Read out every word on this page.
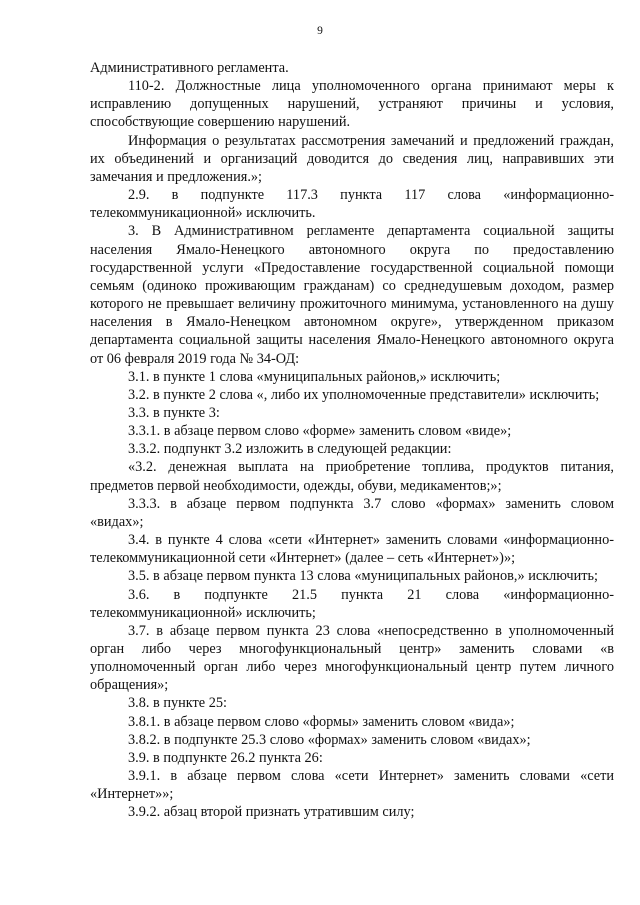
9

Административного регламента.

110-2. Должностные лица уполномоченного органа принимают меры к исправлению допущенных нарушений, устраняют причины и условия, способствующие совершению нарушений.

Информация о результатах рассмотрения замечаний и предложений граждан, их объединений и организаций доводится до сведения лиц, направивших эти замечания и предложения.»;

2.9. в подпункте 117.3 пункта 117 слова «информационно-телекоммуникационной» исключить.

3. В Административном регламенте департамента социальной защиты населения Ямало-Ненецкого автономного округа по предоставлению государственной услуги «Предоставление государственной социальной помощи семьям (одиноко проживающим гражданам) со среднедушевым доходом, размер которого не превышает величину прожиточного минимума, установленного на душу населения в Ямало-Ненецком автономном округе», утвержденном приказом департамента социальной защиты населения Ямало-Ненецкого автономного округа от 06 февраля 2019 года № 34-ОД:

3.1. в пункте 1 слова «муниципальных районов,» исключить;

3.2. в пункте 2 слова «, либо их уполномоченные представители» исключить;

3.3. в пункте 3:

3.3.1. в абзаце первом слово «форме» заменить словом «виде»;

3.3.2. подпункт 3.2 изложить в следующей редакции:

«3.2. денежная выплата на приобретение топлива, продуктов питания, предметов первой необходимости, одежды, обуви, медикаментов;»;

3.3.3. в абзаце первом подпункта 3.7 слово «формах» заменить словом «видах»;

3.4. в пункте 4 слова «сети «Интернет» заменить словами «информационно-телекоммуникационной сети «Интернет» (далее – сеть «Интернет»)»;

3.5. в абзаце первом пункта 13 слова «муниципальных районов,» исключить;

3.6. в подпункте 21.5 пункта 21 слова «информационно-телекоммуникационной» исключить;

3.7. в абзаце первом пункта 23 слова «непосредственно в уполномоченный орган либо через многофункциональный центр» заменить словами «в уполномоченный орган либо через многофункциональный центр путем личного обращения»;

3.8. в пункте 25:

3.8.1. в абзаце первом слово «формы» заменить словом «вида»;

3.8.2. в подпункте 25.3 слово «формах» заменить словом «видах»;

3.9. в подпункте 26.2 пункта 26:

3.9.1. в абзаце первом слова «сети Интернет» заменить словами «сети «Интернет»»;

3.9.2. абзац второй признать утратившим силу;
